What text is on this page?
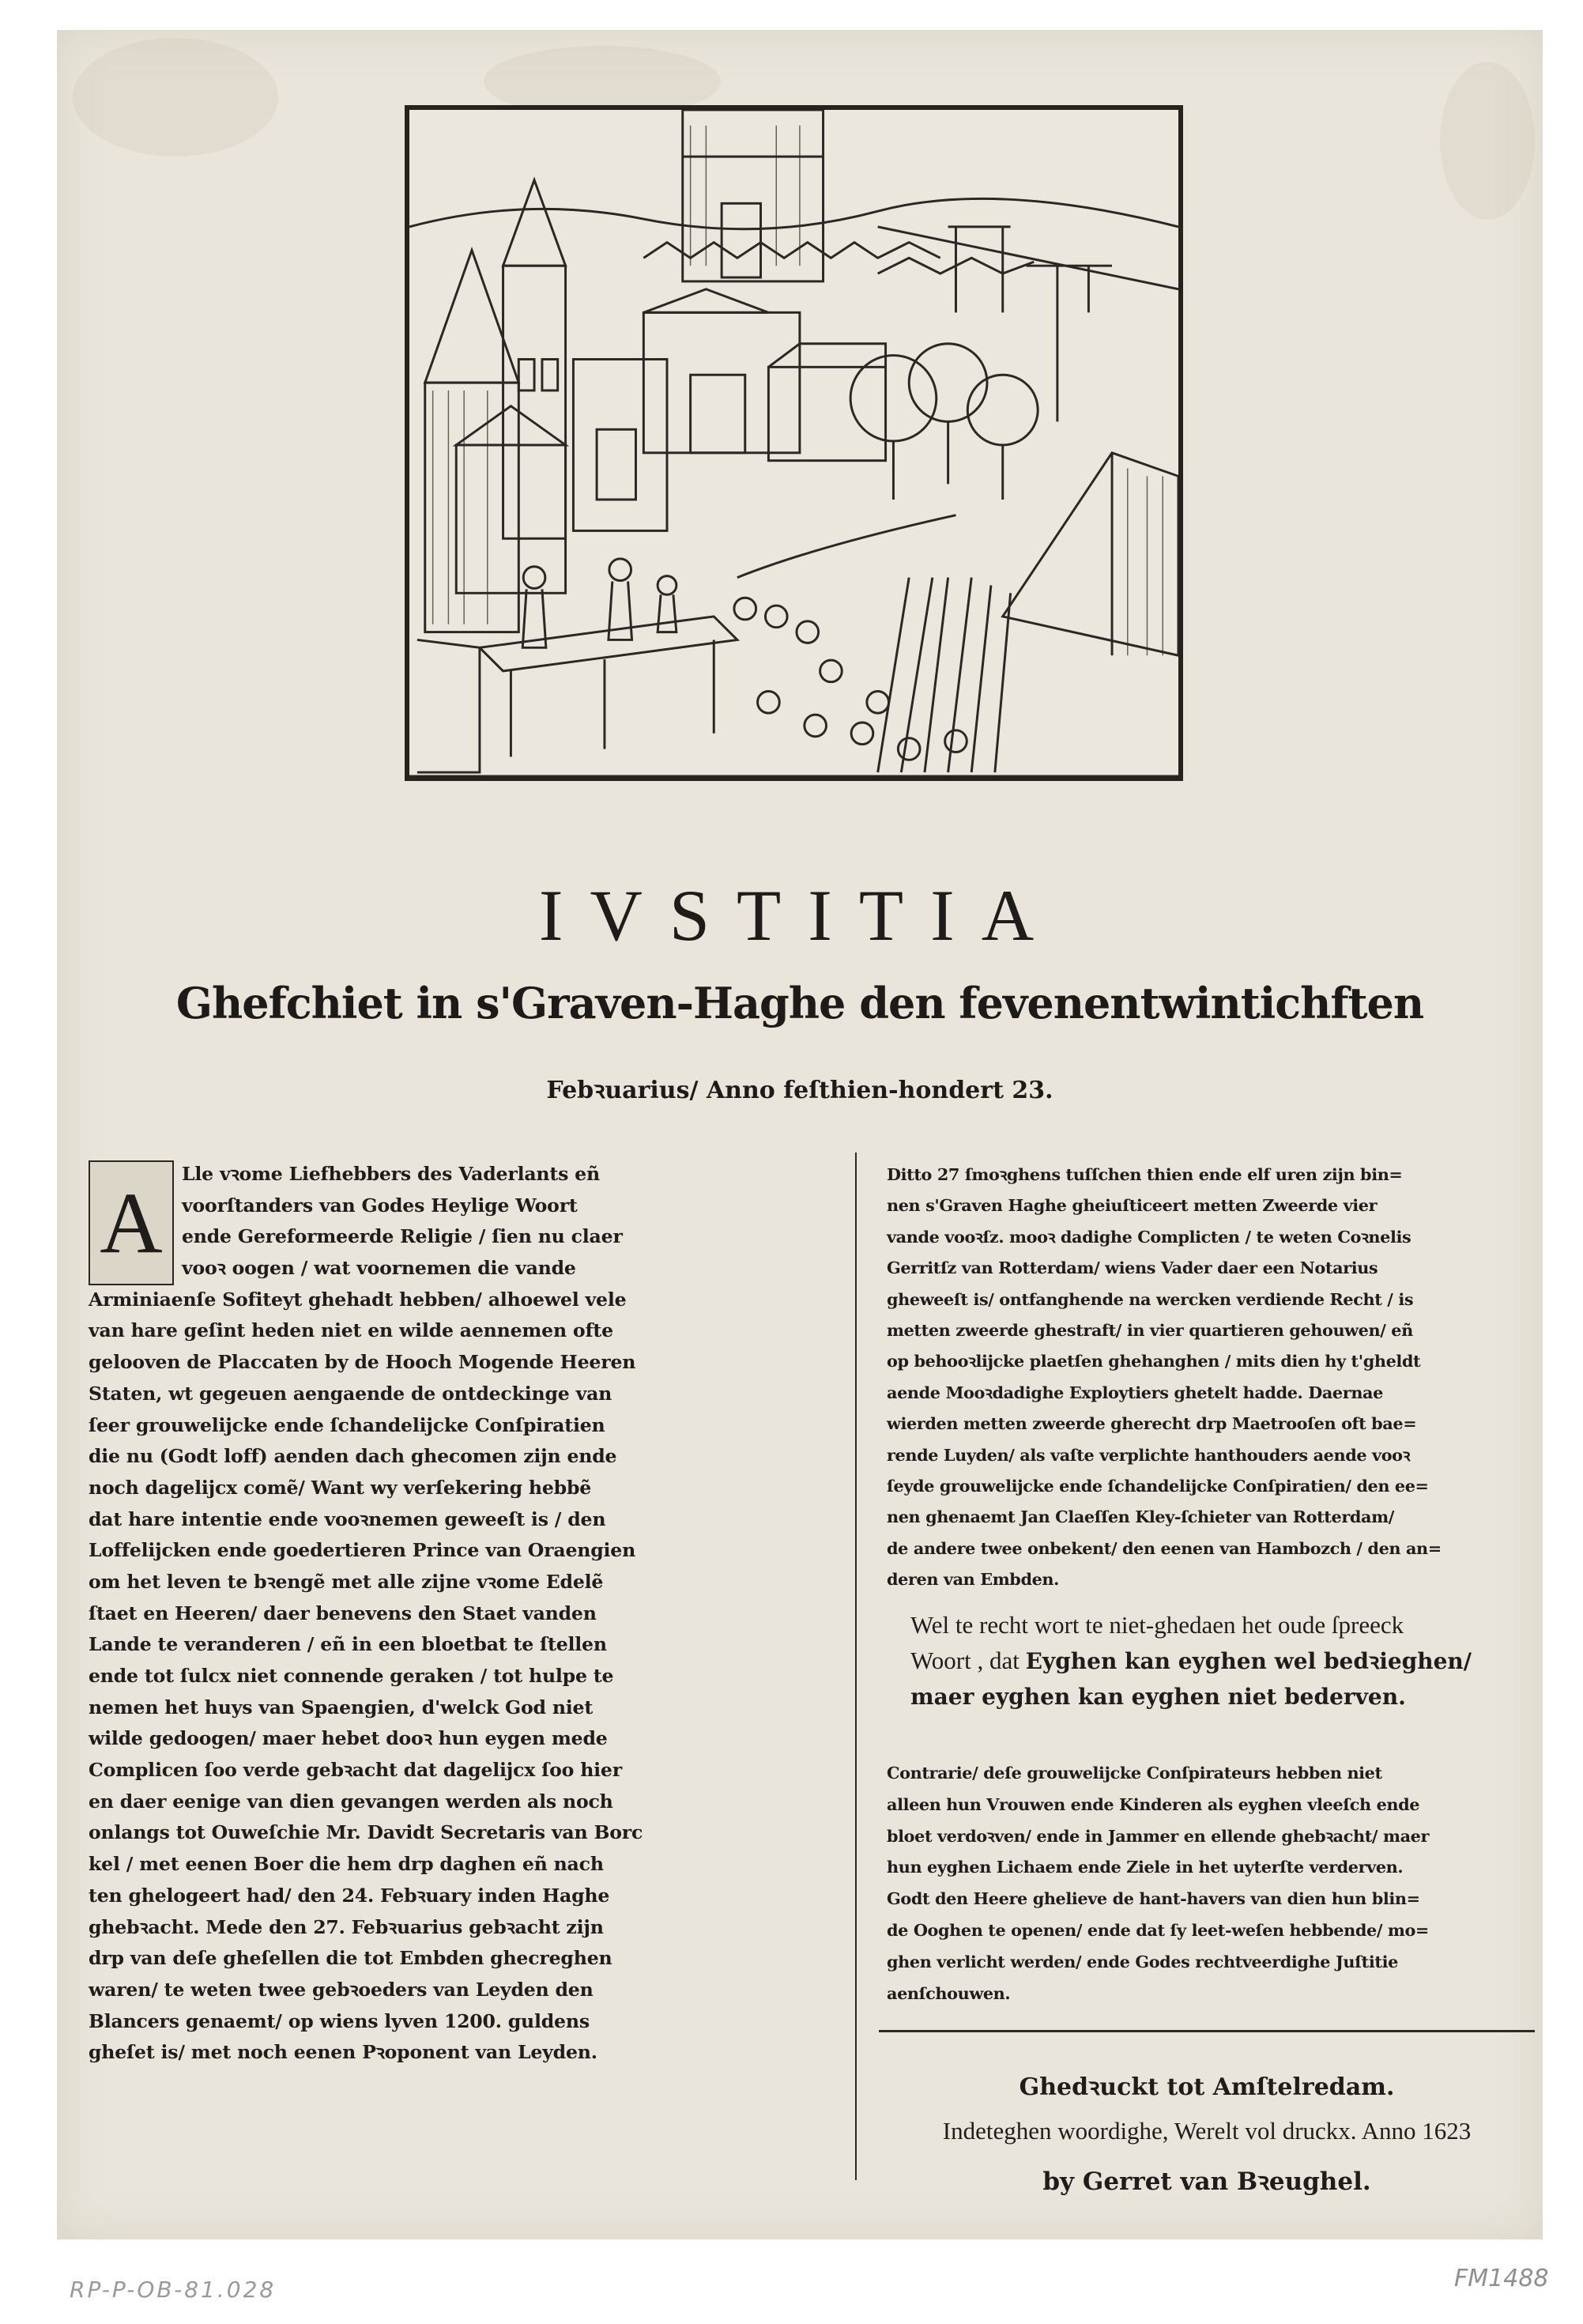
IVSTITIA
Ghefchiet in s'Graven-Haghe den fevenentwintichften
Febꝛuarius/ Anno feſthien-hondert 23.
A
Lle vꝛome Liefhebbers des Vaderlants eñ
voorſtanders van Godes Heylige Woort
ende Gereformeerde Religie / ſien nu claer
vooꝛ oogen / wat voornemen die vande
Arminiaenſe Sofiteyt ghehadt hebben/ alhoewel vele
van hare geſint heden niet en wilde aennemen ofte
gelooven de Placcaten by de Hooch Mogende Heeren
Staten, wt gegeuen aengaende de ontdeckinge van
ſeer grouwelijcke ende ſchandelijcke Conſpiratien
die nu (Godt loff) aenden dach ghecomen zijn ende
noch dagelijcx comẽ/ Want wy verſekering hebbẽ
dat hare intentie ende vooꝛnemen geweeſt is / den
Loffelijcken ende goedertieren Prince van Oraengien
om het leven te bꝛengẽ met alle zijne vꝛome Edelẽ
ſtaet en Heeren/ daer benevens den Staet vanden
Lande te veranderen / eñ in een bloetbat te ſtellen
ende tot ſulcx niet connende geraken / tot hulpe te
nemen het huys van Spaengien, d'welck God niet
wilde gedoogen/ maer hebet dooꝛ hun eygen mede
Complicen ſoo verde gebꝛacht dat dagelijcx ſoo hier
en daer eenige van dien gevangen werden als noch
onlangs tot Ouweſchie Mr. Davidt Secretaris van Borc
kel / met eenen Boer die hem drp daghen eñ nach
ten ghelogeert had/ den 24. Febꝛuary inden Haghe
ghebꝛacht. Mede den 27. Febꝛuarius gebꝛacht zijn
drp van deſe gheſellen die tot Embden ghecreghen
waren/ te weten twee gebꝛoeders van Leyden den
Blancers genaemt/ op wiens lyven 1200. guldens
gheſet is/ met noch eenen Pꝛoponent van Leyden.
Ditto 27 ſmoꝛghens tuſſchen thien ende elf uren zijn bin=
nen s'Graven Haghe gheiuſticeert metten Zweerde vier
vande vooꝛſz. mooꝛ dadighe Complicten / te weten Coꝛnelis
Gerritſz van Rotterdam/ wiens Vader daer een Notarius
gheweeſt is/ ontfanghende na wercken verdiende Recht / is
metten zweerde ghestraft/ in vier quartieren gehouwen/ eñ
op behooꝛlijcke plaetſen ghehanghen / mits dien hy t'gheldt
aende Mooꝛdadighe Exploytiers ghetelt hadde. Daernae
wierden metten zweerde gherecht drp Maetrooſen oft bae=
rende Luyden/ als vaſte verplichte hanthouders aende vooꝛ
ſeyde grouwelijcke ende ſchandelijcke Conſpiratien/ den ee=
nen ghenaemt Jan Claeſſen Kley-ſchieter van Rotterdam/
de andere twee onbekent/ den eenen van Hambozch / den an=
deren van Embden.
Wel te recht wort te niet-ghedaen het oude ſpreeck
Woort , dat Eyghen kan eyghen wel bedꝛieghen/
maer eyghen kan eyghen niet bederven.
Contrarie/ deſe grouwelijcke Conſpirateurs hebben niet
alleen hun Vrouwen ende Kinderen als eyghen vleeſch ende
bloet verdoꝛven/ ende in Jammer en ellende ghebꝛacht/ maer
hun eyghen Lichaem ende Ziele in het uyterſte verderven.
Godt den Heere ghelieve de hant-havers van dien hun blin=
de Ooghen te openen/ ende dat ſy leet-weſen hebbende/ mo=
ghen verlicht werden/ ende Godes rechtveerdighe Juſtitie
aenſchouwen.
Ghedꝛuckt tot Amſtelredam.
Indeteghen woordighe, Werelt vol druckx. Anno 1623
by Gerret van Bꝛeughel.
RP-P-OB-81.028	FM1488
